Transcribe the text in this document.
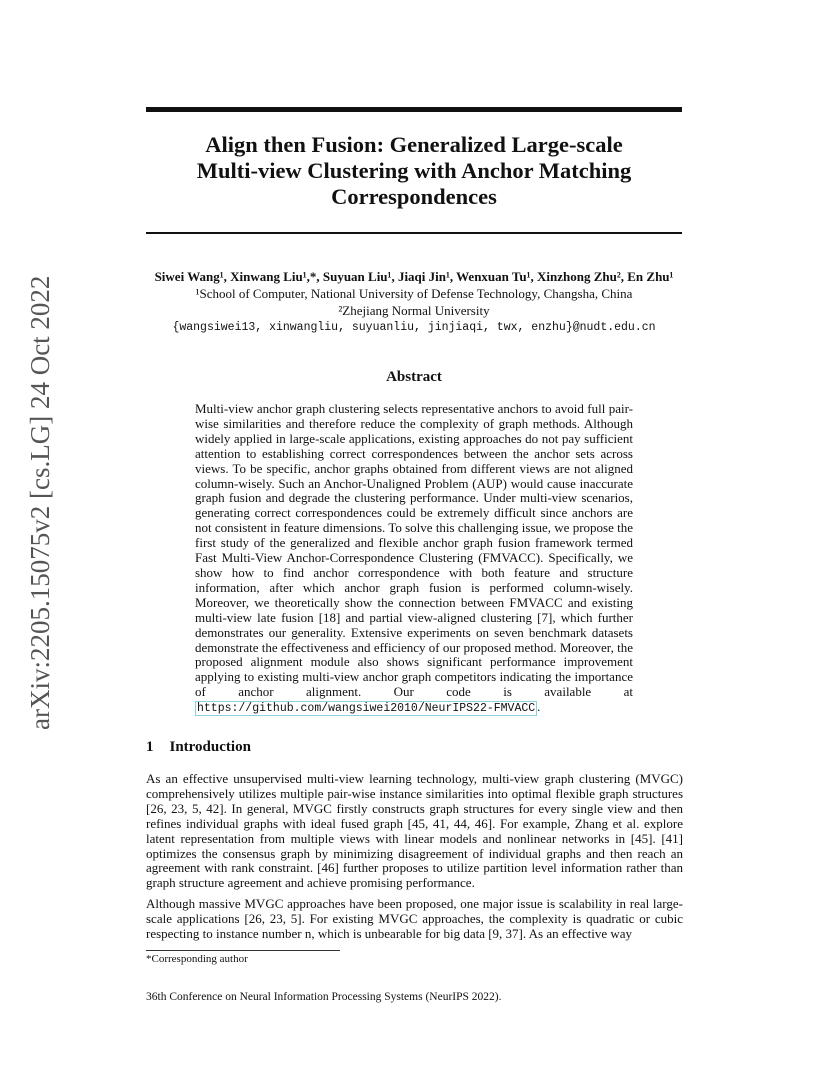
arXiv:2205.15075v2 [cs.LG] 24 Oct 2022
Align then Fusion: Generalized Large-scale
Multi-view Clustering with Anchor Matching
Correspondences
Siwei Wang¹, Xinwang Liu¹,*, Suyuan Liu¹, Jiaqi Jin¹, Wenxuan Tu¹, Xinzhong Zhu², En Zhu¹
¹School of Computer, National University of Defense Technology, Changsha, China
²Zhejiang Normal University
{wangsiwei13, xinwangliu, suyuanliu, jinjiaqi, twx, enzhu}@nudt.edu.cn
Abstract

Multi-view anchor graph clustering selects representative anchors to avoid full pair-wise similarities and therefore reduce the complexity of graph methods. Although widely applied in large-scale applications, existing approaches do not pay sufficient attention to establishing correct correspondences between the anchor sets across views. To be specific, anchor graphs obtained from different views are not aligned column-wisely. Such an Anchor-Unaligned Problem (AUP) would cause inaccurate graph fusion and degrade the clustering performance. Under multi-view scenarios, generating correct correspondences could be extremely difficult since anchors are not consistent in feature dimensions. To solve this challenging issue, we propose the first study of the generalized and flexible anchor graph fusion framework termed Fast Multi-View Anchor-Correspondence Clustering (FMVACC). Specifically, we show how to find anchor correspondence with both feature and structure information, after which anchor graph fusion is performed column-wisely. Moreover, we theoretically show the connection between FMVACC and existing multi-view late fusion [18] and partial view-aligned clustering [7], which further demonstrates our generality. Extensive experiments on seven benchmark datasets demonstrate the effectiveness and efficiency of our proposed method. Moreover, the proposed alignment module also shows significant performance improvement applying to existing multi-view anchor graph competitors indicating the importance of anchor alignment. Our code is available at https://github.com/wangsiwei2010/NeurIPS22-FMVACC .

1 Introduction

As an effective unsupervised multi-view learning technology, multi-view graph clustering (MVGC) comprehensively utilizes multiple pair-wise instance similarities into optimal flexible graph structures [26, 23, 5, 42]. In general, MVGC firstly constructs graph structures for every single view and then refines individual graphs with ideal fused graph [45, 41, 44, 46]. For example, Zhang et al. explore latent representation from multiple views with linear models and nonlinear networks in [45]. [41] optimizes the consensus graph by minimizing disagreement of individual graphs and then reach an agreement with rank constraint. [46] further proposes to utilize partition level information rather than graph structure agreement and achieve promising performance.

Although massive MVGC approaches have been proposed, one major issue is scalability in real large-scale applications [26, 23, 5]. For existing MVGC approaches, the complexity is quadratic or cubic respecting to instance number n, which is unbearable for big data [9, 37]. As an effective way

*Corresponding author
36th Conference on Neural Information Processing Systems (NeurIPS 2022).
